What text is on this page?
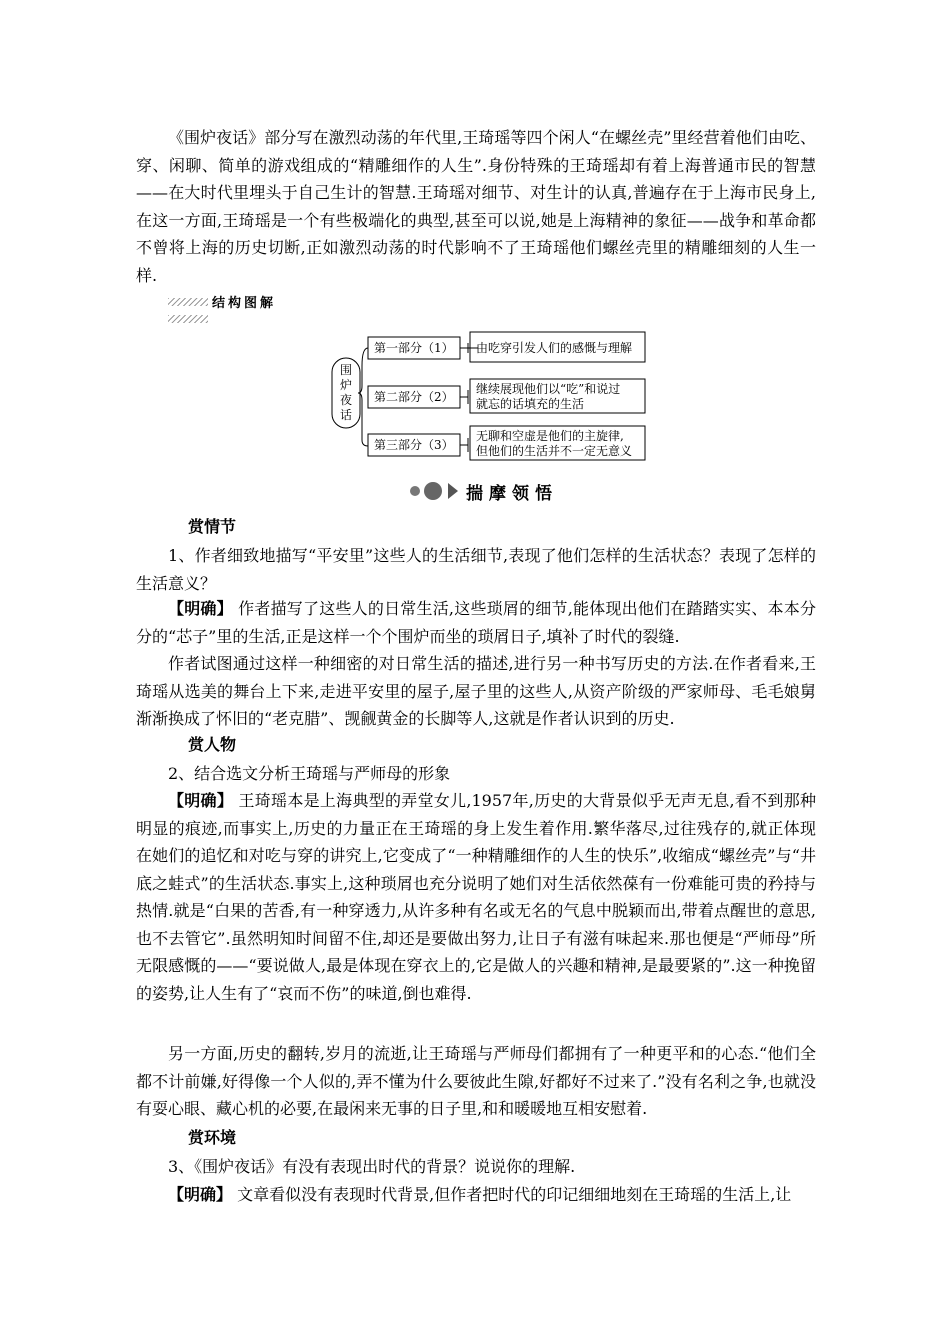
《围炉夜话》部分写在激烈动荡的年代里,王琦瑶等四个闲人“在螺丝壳”里经营着他们由吃、穿、闲聊、简单的游戏组成的“精雕细作的人生”.身份特殊的王琦瑶却有着上海普通市民的智慧——在大时代里埋头于自己生计的智慧.王琦瑶对细节、对生计的认真,普遍存在于上海市民身上,在这一方面,王琦瑶是一个有些极端化的典型,甚至可以说,她是上海精神的象征——战争和革命都不曾将上海的历史切断,正如激烈动荡的时代影响不了王琦瑶他们螺丝壳里的精雕细刻的人生一样.

结构图解
围
炉
夜
话
第一部分（1） 由吃穿引发人们的感慨与理解
第二部分（2）
继续展现他们以“吃”和说过
就忘的话填充的生活
第三部分（3）
无聊和空虚是他们的主旋律,
但他们的生活并不一定无意义
揣摩领悟

赏情节

1、作者细致地描写“平安里”这些人的生活细节,表现了他们怎样的生活状态？表现了怎样的生活意义？

【明确】 作者描写了这些人的日常生活,这些琐屑的细节,能体现出他们在踏踏实实、本本分分的“芯子”里的生活,正是这样一个个围炉而坐的琐屑日子,填补了时代的裂缝.

作者试图通过这样一种细密的对日常生活的描述,进行另一种书写历史的方法.在作者看来,王琦瑶从选美的舞台上下来,走进平安里的屋子,屋子里的这些人,从资产阶级的严家师母、毛毛娘舅渐渐换成了怀旧的“老克腊”、觊觎黄金的长脚等人,这就是作者认识到的历史.

赏人物

2、结合选文分析王琦瑶与严师母的形象

【明确】 王琦瑶本是上海典型的弄堂女儿,1957年,历史的大背景似乎无声无息,看不到那种明显的痕迹,而事实上,历史的力量正在王琦瑶的身上发生着作用.繁华落尽,过往残存的,就正体现在她们的追忆和对吃与穿的讲究上,它变成了“一种精雕细作的人生的快乐”,收缩成“螺丝壳”与“井底之蛙式”的生活状态.事实上,这种琐屑也充分说明了她们对生活依然葆有一份难能可贵的矜持与热情.就是“白果的苦香,有一种穿透力,从许多种有名或无名的气息中脱颖而出,带着点醒世的意思,也不去管它”.虽然明知时间留不住,却还是要做出努力,让日子有滋有味起来.那也便是“严师母”所无限感慨的——“要说做人,最是体现在穿衣上的,它是做人的兴趣和精神,是最要紧的”.这一种挽留的姿势,让人生有了“哀而不伤”的味道,倒也难得.

另一方面,历史的翻转,岁月的流逝,让王琦瑶与严师母们都拥有了一种更平和的心态.“他们全都不计前嫌,好得像一个人似的,弄不懂为什么要彼此生隙,好都好不过来了.”没有名利之争,也就没有耍心眼、藏心机的必要,在最闲来无事的日子里,和和暖暖地互相安慰着.

赏环境

3、《围炉夜话》有没有表现出时代的背景？说说你的理解.

【明确】 文章看似没有表现时代背景,但作者把时代的印记细细地刻在王琦瑶的生活上,让
